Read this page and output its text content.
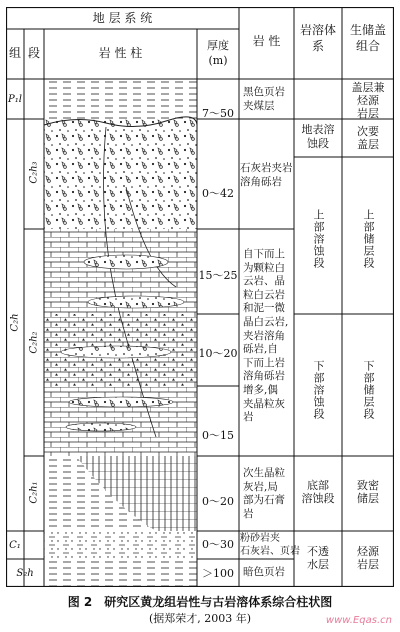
地 层 系 统
组 段	岩 性 柱
厚度
(m)
岩 性
岩溶体系
生储盖组合
P₁l
C₂h
C₂h₃
C₂h₂
C₂h₁
C₁
S₂h
7～50
0～42
15～25
10～20
0～15
0～20
0～30
＞100
黑色页岩
夹煤层
石灰岩夹岩
溶角砾岩
自下而上
为颗粒白
云岩、晶
粒白云岩
和泥一微
晶白云岩,
夹岩溶角
砾岩,自
下而上岩
溶角砾岩
增多,偶
夹晶粒灰
岩
次生晶粒
灰岩,局
部为石膏
岩
粉砂岩夹
石灰岩、页岩
暗色页岩
地表溶蚀段
上部溶蚀段
下部溶蚀段
底部
溶蚀段
不透
水层
盖层兼
烃源
岩层
次要
盖层
上部储层段
下部储层段
致密
储层
烃源
岩层
图 2　研究区黄龙组岩性与古岩溶体系综合柱状图
(据郑荣才, 2003 年)	www.Eqas.cn
